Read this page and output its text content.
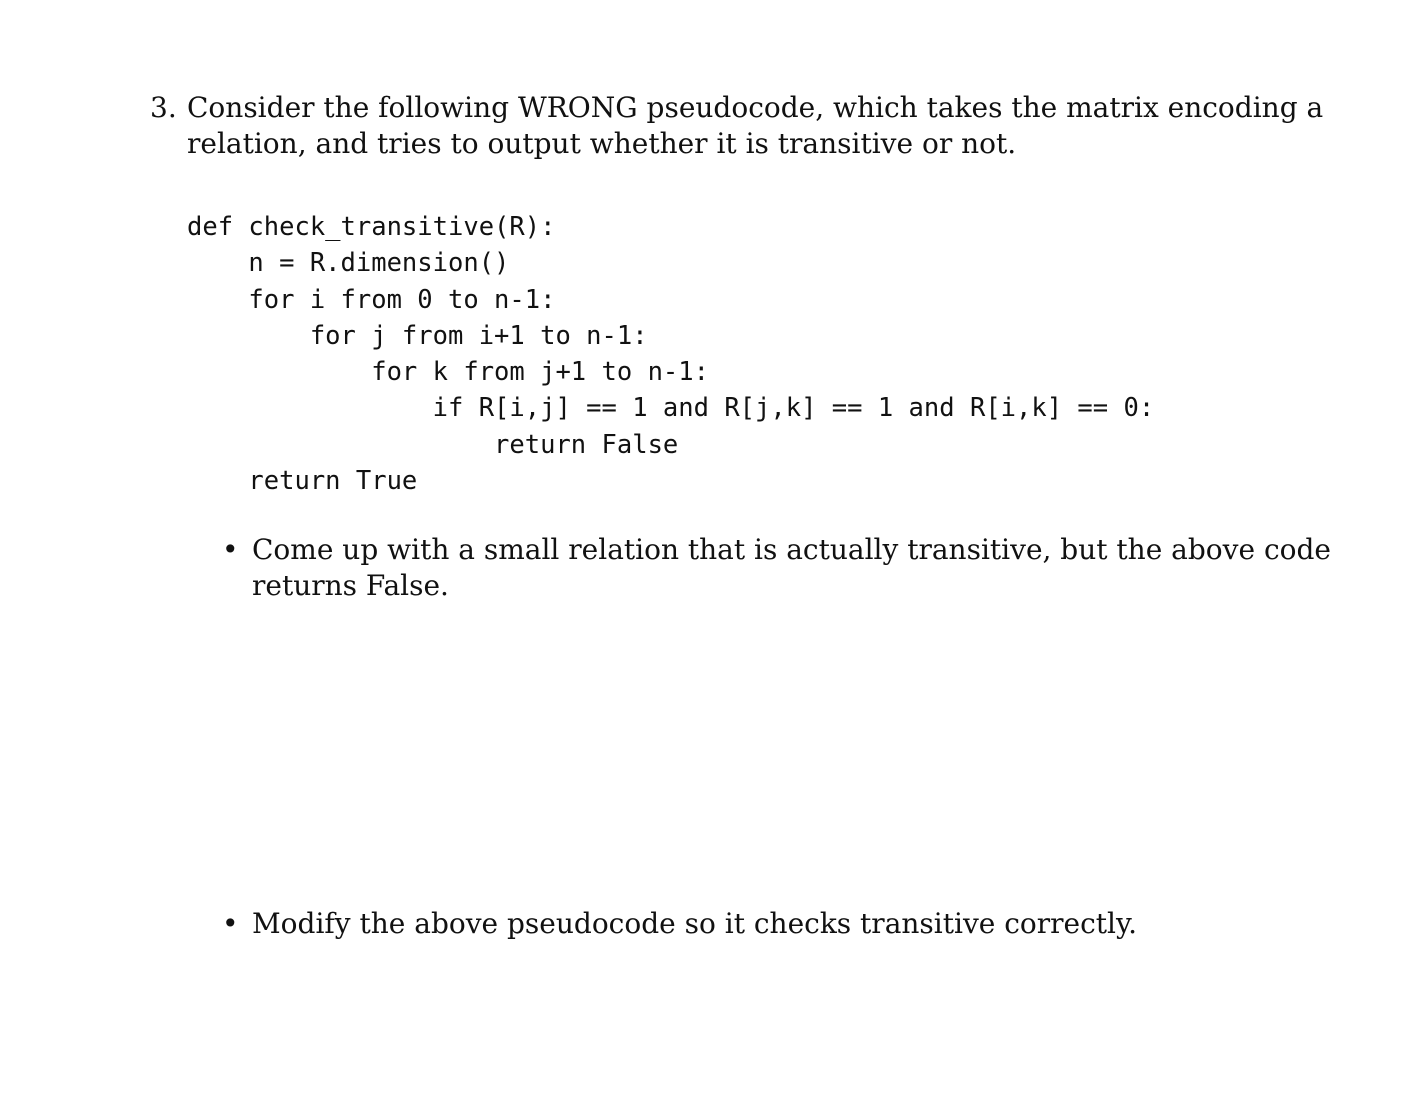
3. Consider the following WRONG pseudocode, which takes the matrix encoding a
relation, and tries to output whether it is transitive or not.
def check_transitive(R):
n = R.dimension()
for i from 0 to n-1:
for j from i+1 to n-1:
for k from j+1 to n-1:
if R[i,j] == 1 and R[j,k] == 1 and R[i,k] == 0:
return False
return True
• Come up with a small relation that is actually transitive, but the above code
returns False.
• Modify the above pseudocode so it checks transitive correctly.
